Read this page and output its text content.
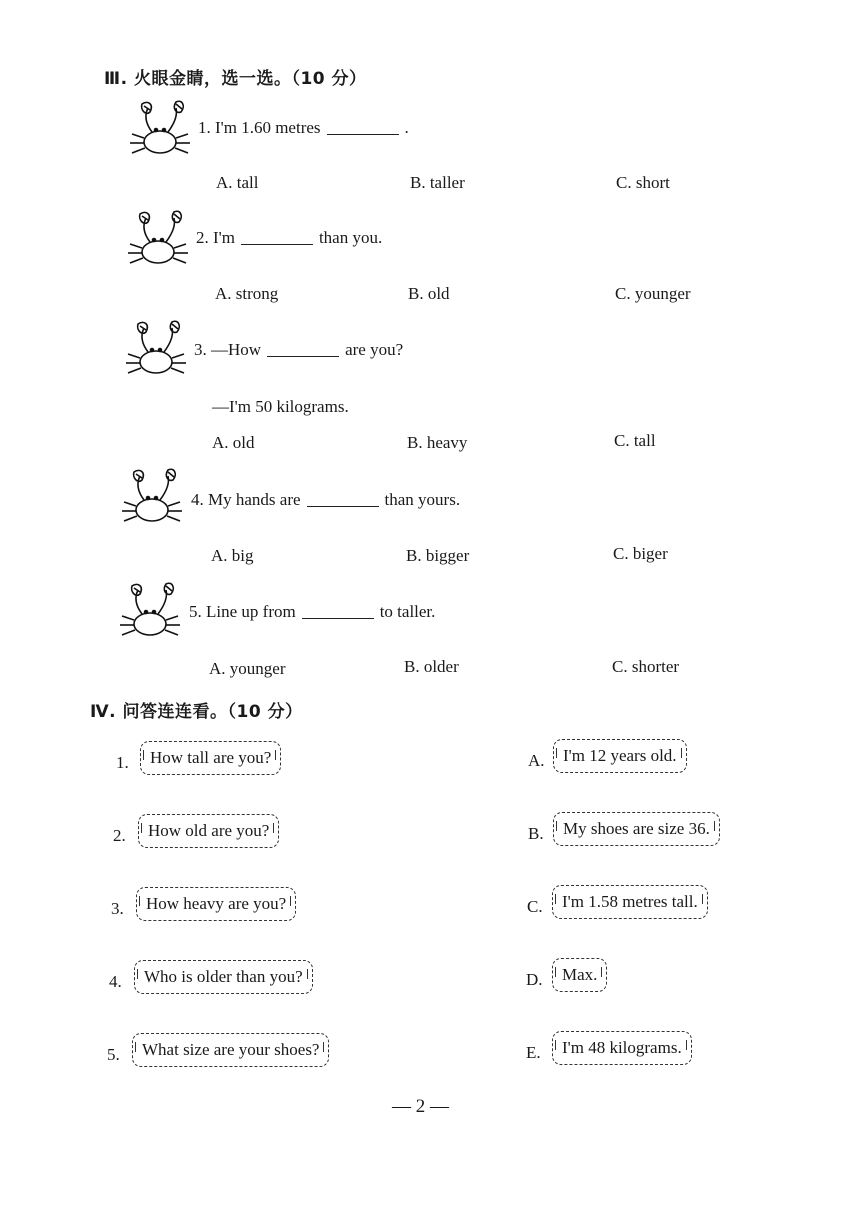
Ⅲ. 火眼金睛，选一选。（10 分）
1. I'm 1.60 metres	.
A. tall	B. taller	C. short
2. I'm	than you.
A. strong	B. old	C. younger
3. —How	are you?
—I'm 50 kilograms.
A. old	B. heavy	C. tall
4. My hands are	than yours.
A. big	B. bigger	C. biger
5. Line up from	to taller.
A. younger	B. older	C. shorter
Ⅳ. 问答连连看。（10 分）
1.	How tall are you?
2.	How old are you?
3.	How heavy are you?
4.	Who is older than you?
5.	What size are your shoes?
A.	I'm 12 years old.
B.	My shoes are size 36.
C.	I'm 1.58 metres tall.
D.	Max.
E.	I'm 48 kilograms.
— 2 —
